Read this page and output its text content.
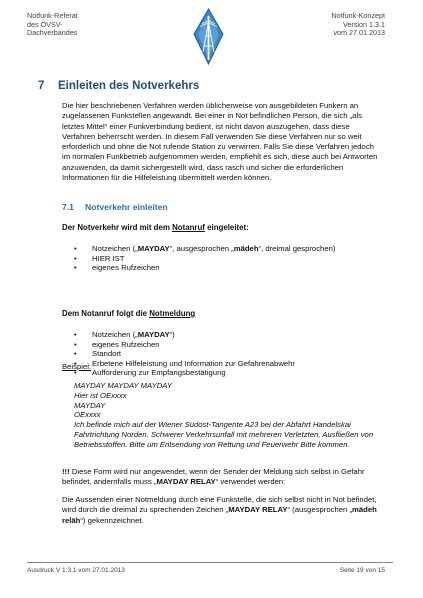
Notfunk-Referat
des ÖVSV-
Dachverbandes
Notfunk-Konzept
Version 1.3.1
vom 27.01.2013
7 Einleiten des Notverkehrs
Die hier beschriebenen Verfahren werden üblicherweise von ausgebildeten Funkern an zugelassenen Funkstellen angewandt. Bei einer in Not befindlichen Person, die sich „als letztes Mittel“ einer Funkverbindung bedient, ist nicht davon auszugehen, dass diese Verfahren beherrscht werden. In diesem Fall verwenden Sie diese Verfahren nur so weit erforderlich und ohne die Not rufende Station zu verwirren. Falls Sie diese Verfahren jedoch im normalen Funkbetrieb aufgenommen werden, empfiehlt es sich, diese auch bei Antworten anzuwenden, da damit sichergestellt wird, dass rasch und sicher die erforderlichen Informationen für die Hilfeleistung übermittelt werden können.
7.1 Notverkehr einleiten
Der Notverkehr wird mit dem Notanruf eingeleitet:
• Notzeichen („MAYDAY“, ausgesprochen „mädeh“, dreimal gesprochen)
• HIER IST
• eigenes Rufzeichen
Dem Notanruf folgt die Notmeldung
• Notzeichen („MAYDAY“)
• eigenes Rufzeichen
• Standort
• Erbetene Hilfeleistung und Information zur Gefahrenabwehr
• Aufforderung zur Empfangsbestätigung
Beispiel:
MAYDAY MAYDAY MAYDAY
Hier ist OExxxx
MAYDAY
OExxxx
Ich befinde mich auf der Wiener Südost-Tangente A23 bei der Abfahrt Handelskai Fahrtrichtung Norden. Schwerer Verkehrsunfall mit mehreren Verletzten, Ausfließen von Betriebsstoffen. Bitte um Entsendung von Rettung und Feuerwehr Bitte kommen.
!!! Diese Form wird nur angewendet, wenn der Sender der Meldung sich selbst in Gefahr befindet, andernfalls muss „MAYDAY RELAY“ verwendet werden:
Die Aussenden einer Notmeldung durch eine Funkstelle, die sich selbst nicht in Not befindet, wird durch die dreimal zu sprechenden Zeichen „MAYDAY RELAY“ (ausgesprochen „mädeh reläh“) gekennzeichnet.
Ausdruck V 1.3.1 vom 27.01.2013	Seite 19 von 15
